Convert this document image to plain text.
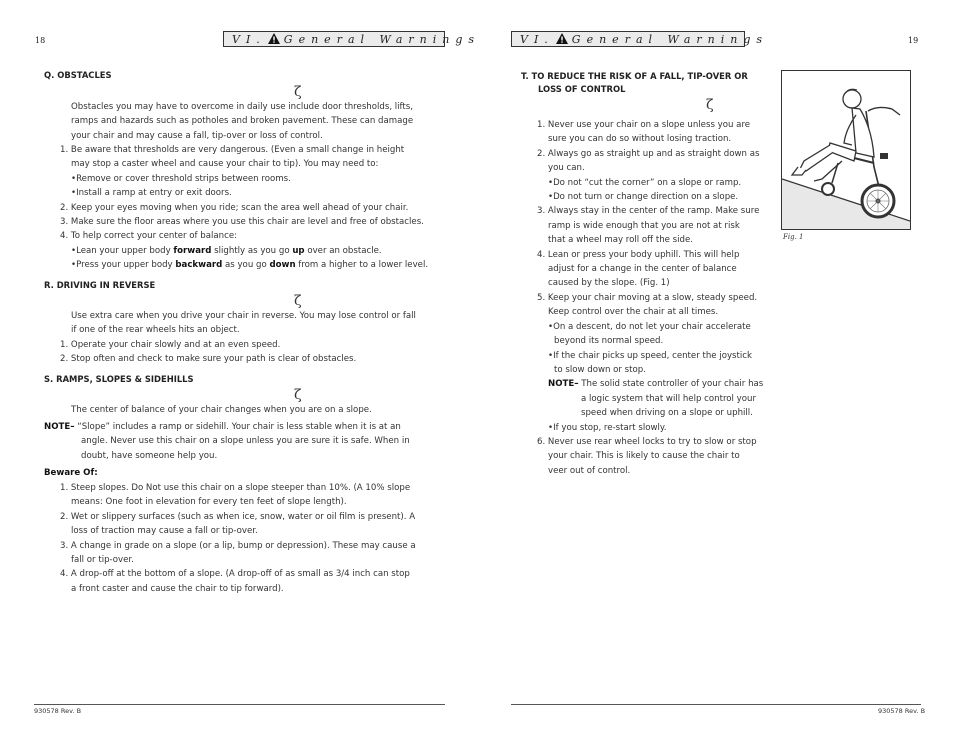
18	VI. General Warnings
Q. OBSTACLES
ζ
Obstacles you may have to overcome in daily use include door thresholds, lifts,
ramps and hazards such as potholes and broken pavement. These can damage
your chair and may cause a fall, tip-over or loss of control.
1. Be aware that thresholds are very dangerous. (Even a small change in height
may stop a caster wheel and cause your chair to tip). You may need to:
•Remove or cover threshold strips between rooms.
•Install a ramp at entry or exit doors.
2. Keep your eyes moving when you ride; scan the area well ahead of your chair.
3. Make sure the floor areas where you use this chair are level and free of obstacles.
4. To help correct your center of balance:
•Lean your upper body forward slightly as you go up over an obstacle.
•Press your upper body backward as you go down from a higher to a lower level.
R. DRIVING IN REVERSE
ζ
Use extra care when you drive your chair in reverse. You may lose control or fall
if one of the rear wheels hits an object.
1. Operate your chair slowly and at an even speed.
2. Stop often and check to make sure your path is clear of obstacles.
S. RAMPS, SLOPES & SIDEHILLS
ζ
The center of balance of your chair changes when you are on a slope.
NOTE– “Slope” includes a ramp or sidehill. Your chair is less stable when it is at an
angle. Never use this chair on a slope unless you are sure it is safe. When in
doubt, have someone help you.
Beware Of:
1. Steep slopes. Do Not use this chair on a slope steeper than 10%. (A 10% slope
means: One foot in elevation for every ten feet of slope length).
2. Wet or slippery surfaces (such as when ice, snow, water or oil film is present). A
loss of traction may cause a fall or tip-over.
3. A change in grade on a slope (or a lip, bump or depression). These may cause a
fall or tip-over.
4. A drop-off at the bottom of a slope. (A drop-off of as small as 3/4 inch can stop
a front caster and cause the chair to tip forward).
930578 Rev. B
VI. General Warnings	19
T. TO REDUCE THE RISK OF A FALL, TIP-OVER OR
LOSS OF CONTROL
ζ
1. Never use your chair on a slope unless you are
sure you can do so without losing traction.
2. Always go as straight up and as straight down as
you can.
•Do not “cut the corner” on a slope or ramp.
•Do not turn or change direction on a slope.
3. Always stay in the center of the ramp. Make sure
ramp is wide enough that you are not at risk
that a wheel may roll off the side.
4. Lean or press your body uphill. This will help
adjust for a change in the center of balance
caused by the slope. (Fig. 1)
5. Keep your chair moving at a slow, steady speed.
Keep control over the chair at all times.
•On a descent, do not let your chair accelerate
beyond its normal speed.
•If the chair picks up speed, center the joystick
to slow down or stop.
NOTE– The solid state controller of your chair has
a logic system that will help control your
speed when driving on a slope or uphill.
•If you stop, re-start slowly.
6. Never use rear wheel locks to try to slow or stop
your chair. This is likely to cause the chair to
veer out of control.
Fig. 1
930578 Rev. B
